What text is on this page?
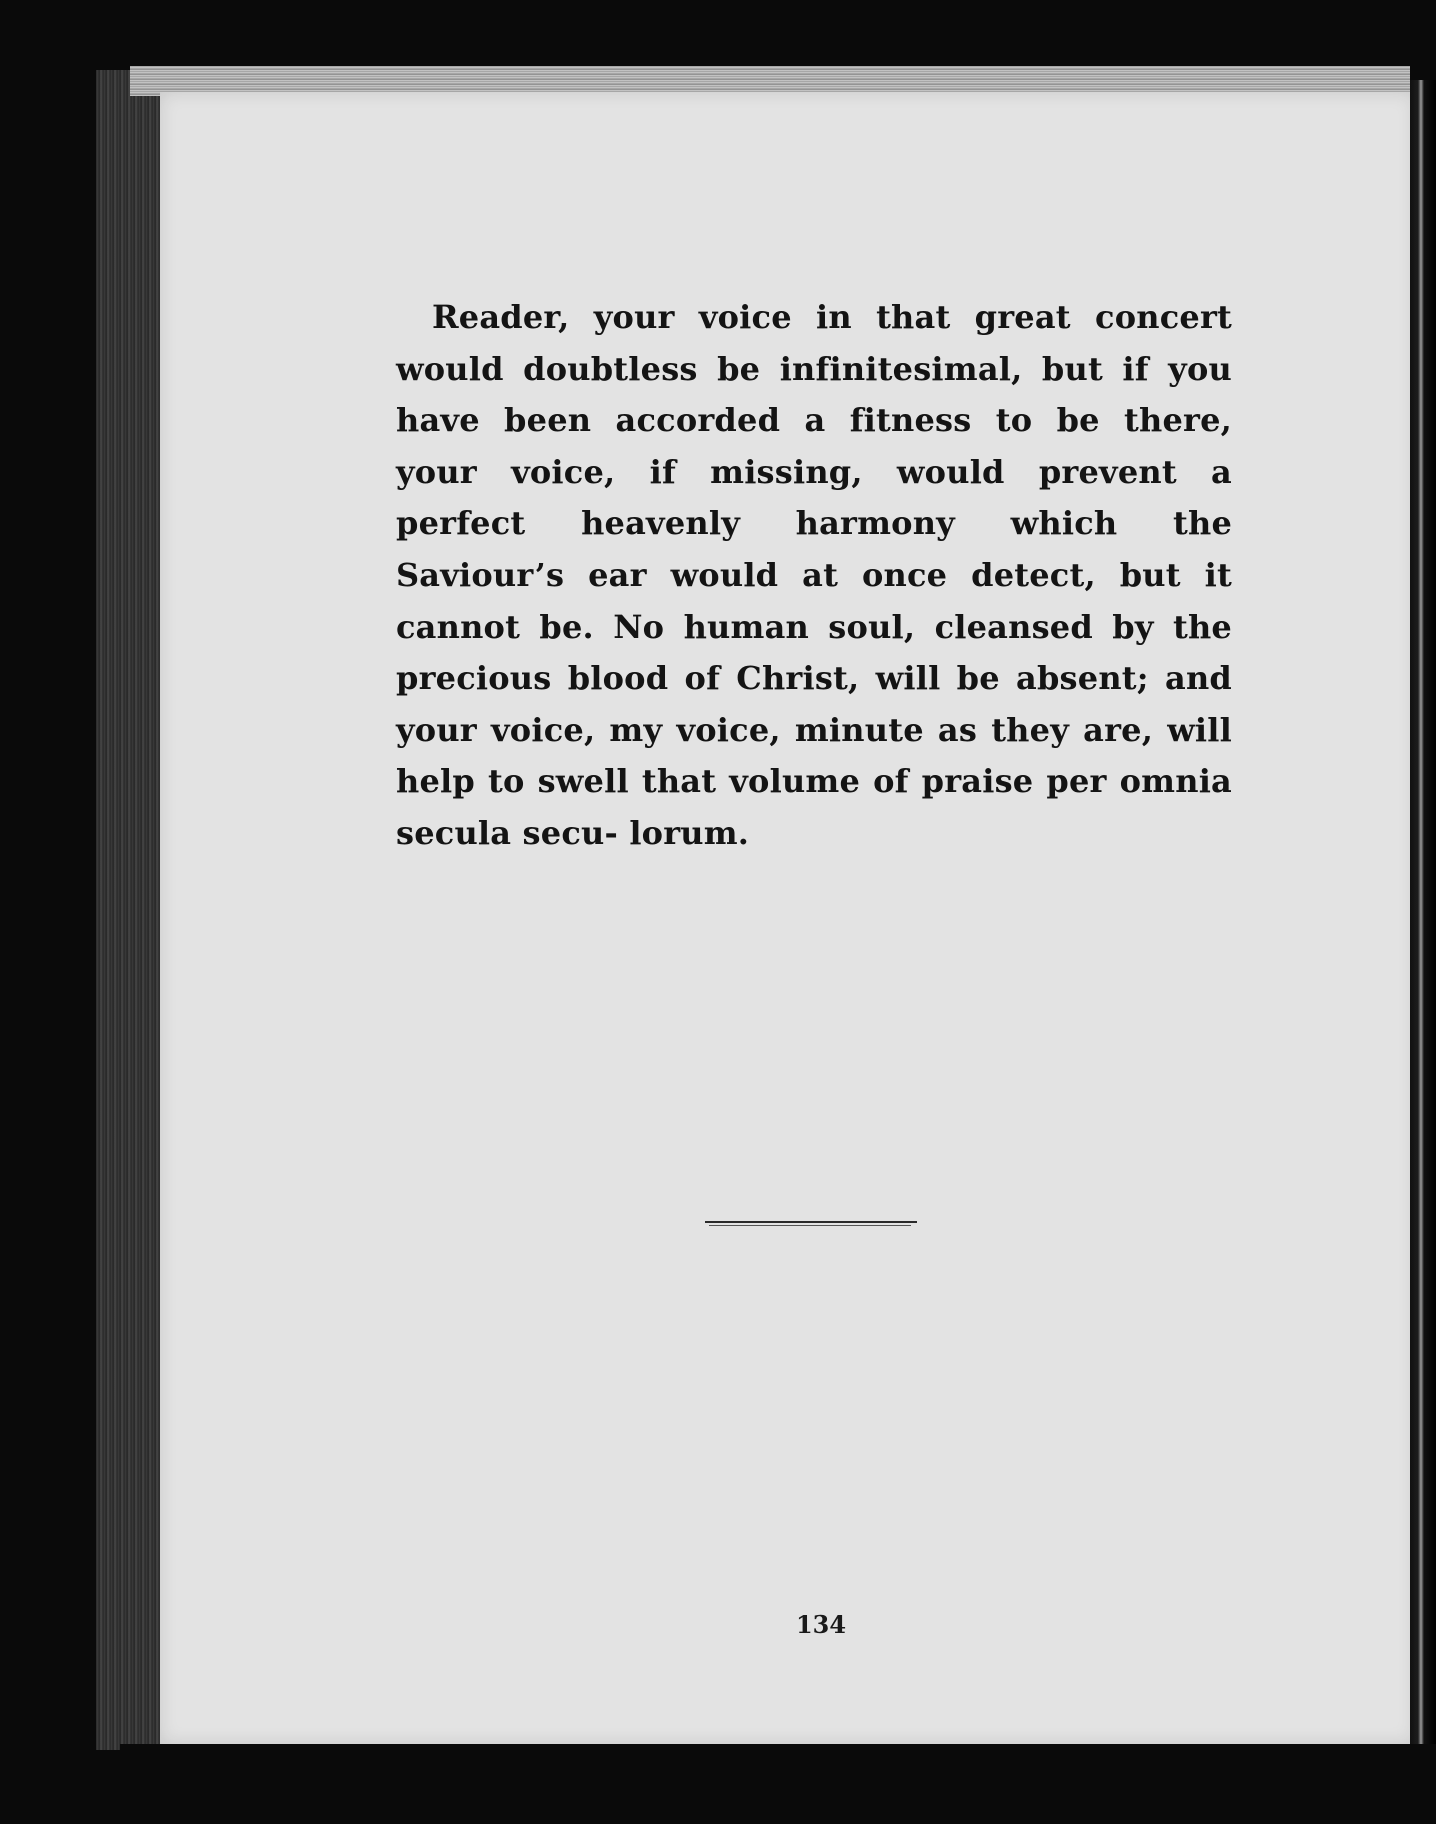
Reader, your voice in that great concert would doubtless be infinitesimal, but if you have been accorded a fitness to be there, your voice, if missing, would prevent a perfect heavenly harmony which the Saviour’s ear would at once detect, but it cannot be. No human soul, cleansed by the precious blood of Christ, will be absent; and your voice, my voice, minute as they are, will help to swell that volume of praise per omnia secula secu- lorum.

134
